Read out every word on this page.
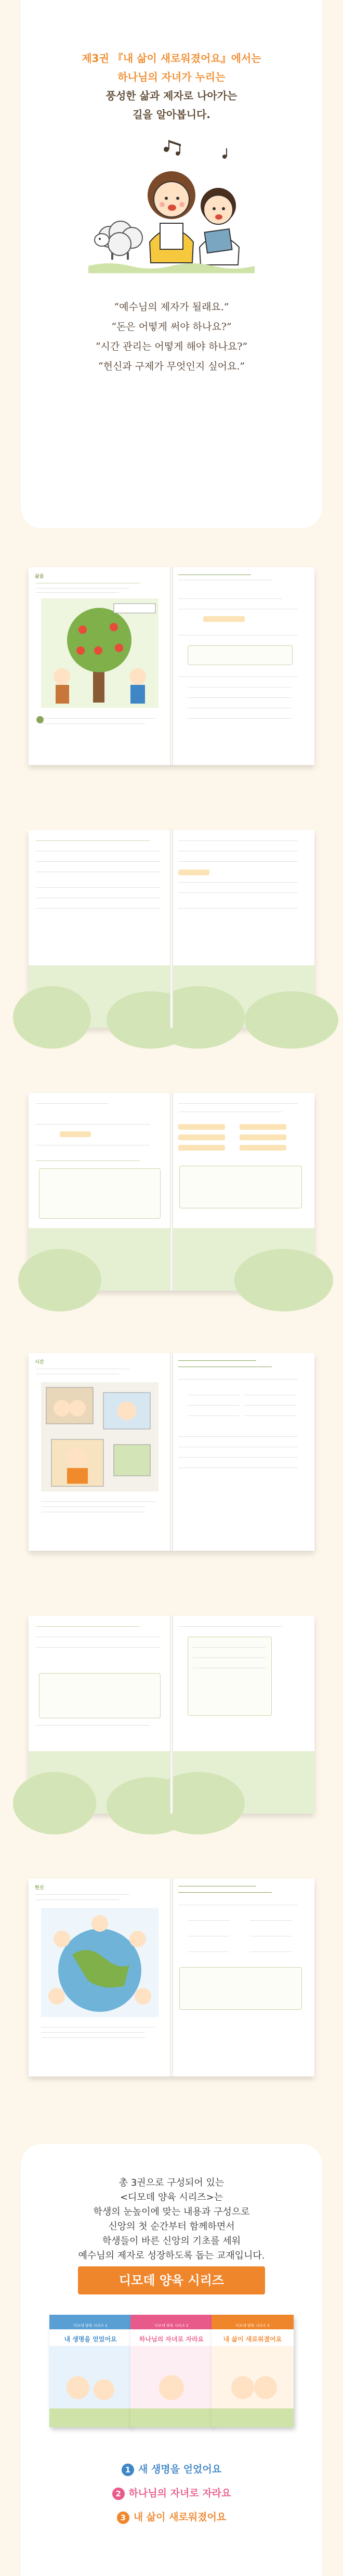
제3권 『내 삶이 새로워졌어요』에서는
하나님의 자녀가 누리는
풍성한 삶과 제자로 나아가는
길을 알아봅니다.
“예수님의 제자가 될래요.”
“돈은 어떻게 써야 하나요?”
“시간 관리는 어떻게 해야 하나요?”
“헌신과 구제가 무엇인지 싶어요.”
삶을
시간
헌신
총 3권으로 구성되어 있는
<디모데 양육 시리즈>는
학생의 눈높이에 맞는 내용과 구성으로
신앙의 첫 순간부터 함께하면서
학생들이 바른 신앙의 기초를 세워
예수님의 제자로 성장하도록 돕는 교재입니다.
디모데 양육 시리즈
디모데 양육 시리즈 1
내 생명을 얻었어요
디모데 양육 시리즈 2
하나님의 자녀로 자라요
디모데 양육 시리즈 3
내 삶이 새로워졌어요
1 새 생명을 얻었어요
2 하나님의 자녀로 자라요
3 내 삶이 새로워졌어요
